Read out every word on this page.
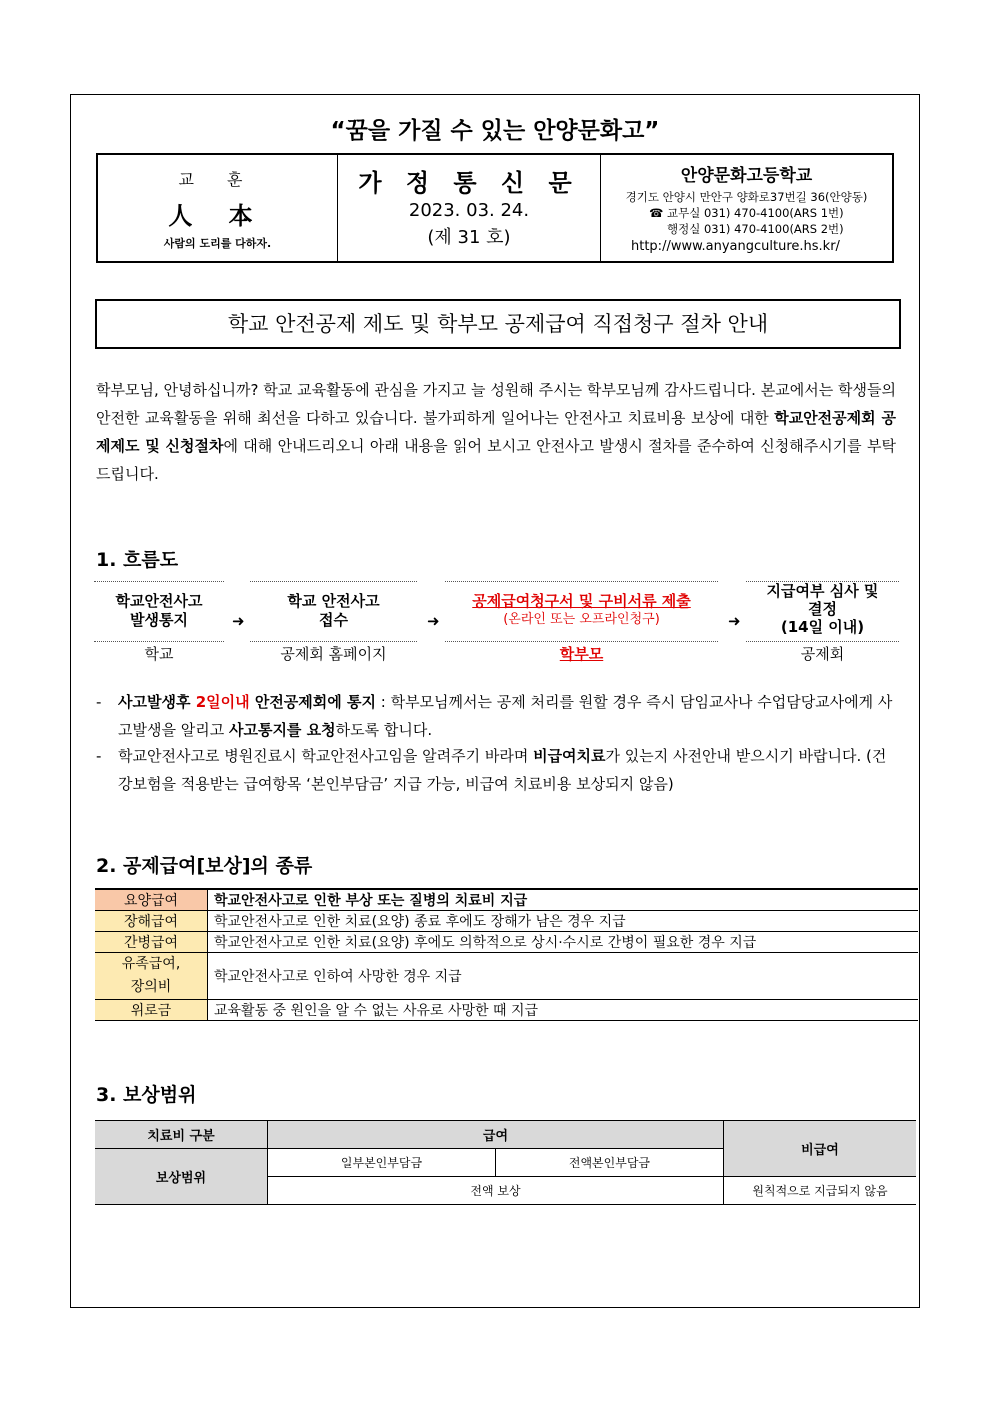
“꿈을 가질 수 있는 안양문화고”
교 훈
人 本
사람의 도리를 다하자.
가 정 통 신 문
2023. 03. 24.
(제 31 호)
안양문화고등학교
경기도 안양시 만안구 양화로37번길 36(안양동)
☎ 교무실 031) 470-4100(ARS 1번)
행정실 031) 470-4100(ARS 2번)
http://www.anyangculture.hs.kr/
학교 안전공제 제도 및 학부모 공제급여 직접청구 절차 안내
학부모님, 안녕하십니까? 학교 교육활동에 관심을 가지고 늘 성원해 주시는 학부모님께 감사드립니다. 본교에서는 학생들의 안전한 교육활동을 위해 최선을 다하고 있습니다. 불가피하게 일어나는 안전사고 치료비용 보상에 대한 학교안전공제회 공제제도 및 신청절차에 대해 안내드리오니 아래 내용을 읽어 보시고 안전사고 발생시 절차를 준수하여 신청해주시기를 부탁드립니다.
1. 흐름도
학교안전사고
발생통지
학교
➜
학교 안전사고
접수
공제회 홈페이지
➜
공제급여청구서 및 구비서류 제출
(온라인 또는 오프라인청구)
학부모
➜
지급여부 심사 및
결정
(14일 이내)
공제회
- 사고발생후 2일이내 안전공제회에 통지 : 학부모님께서는 공제 처리를 원할 경우 즉시 담임교사나 수업담당교사에게 사고발생을 알리고 사고통지를 요청하도록 합니다.
- 학교안전사고로 병원진료시 학교안전사고임을 알려주기 바라며 비급여치료가 있는지 사전안내 받으시기 바랍니다. (건강보험을 적용받는 급여항목 ‘본인부담금’ 지급 가능, 비급여 치료비용 보상되지 않음)
2. 공제급여[보상]의 종류
요양급여	학교안전사고로 인한 부상 또는 질병의 치료비 지급
장해급여	학교안전사고로 인한 치료(요양) 종료 후에도 장해가 남은 경우 지급
간병급여	학교안전사고로 인한 치료(요양) 후에도 의학적으로 상시·수시로 간병이 필요한 경우 지급
유족급여,
장의비	학교안전사고로 인하여 사망한 경우 지급
위로금	교육활동 중 원인을 알 수 없는 사유로 사망한 때 지급
3. 보상범위
치료비 구분	급여		비급여
보상범위	일부본인부담금	전액본인부담금	
	전액 보상		원칙적으로 지급되지 않음
